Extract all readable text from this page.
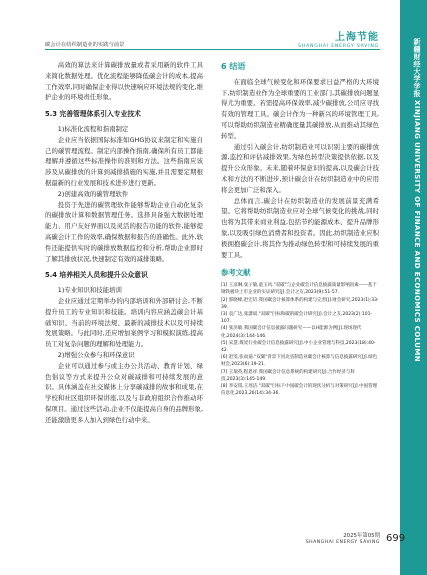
碳会计在纺织制造业的实践与前景
上海节能
SHANGHAI ENERGY SAVING	新疆财经大学学报 XINJIANG UNIVERSITY OF FINANCE AND ECONOMICS COLUMN

高效的算法来计算碳排放量或者采用新的软件工具来简化数据处理。优化流程能够降低碳会计的成本,提高工作效率,同时确保企业得以快速响应环境法规的变化,维护企业的环境责任形象。

5.3 完善管理体系引入专业技术

1)标准化流程和指南制定

企业应当依据国际标准如GHG协议来制定和实施自己的碳管理流程。制定内部操作指南,确保所有员工都能理解并遵循这些标准操作的准则和方法。这些指南应该涉及从碳排放的计算到减排措施的实施,并且需要定期根据最新的行业发展和技术进步进行更新。

2)创建高效的碳管理软件

投资于先进的碳管理软件能够帮助企业自动化复杂的碳排放计算和数据管理任务。选择具备强大数据处理能力、用户友好界面以及灵活的报告功能的软件,能够提高碳会计工作的效率,确保数据和报告的准确性。此外,软件还能提供实时的碳排放数据监控和分析,帮助企业即时了解其排放状况,快速制定有效的减排策略。

5.4 培养相关人员和提升公众意识

1)专业知识和技能培训

企业应通过定期举办的内部培训和外部研讨会,不断提升员工的专业知识和技能。培训内容应涵盖碳会计基础知识、当前的环境法规、最新的减排技术以及可持续发展策略。与此同时,还应增加案例学习和模拟演练,提高员工对复杂问题的理解和处理能力。

2)增强公众参与和环保意识

企业可以通过参与或主办公共活动、教育计划、绿色倡议等方式来提升公众对碳减排和可持续发展的意识。具体涵盖在社交媒体上分享碳减排的故事和成果,在学校和社区组织环保讲座,以及与非政府组织合作推动环保项目。通过这些活动,企业不仅能提高自身的品牌形象,还能激励更多人加入到绿色行动中来。

6 结语

在面临全球气候变化和环保要求日益严格的大环境下,纺织制造业作为全球重要的工业部门,其碳排放问题显得尤为重要。若需提高环保效率,减少碳排放,公司应寻找有效的管理工具。碳会计作为一种新兴的环境管理工具,可以帮助纺织制造业精确度量其碳排放,从而推动其绿色转型。

通过引入碳会计,纺织制造业可以识别主要的碳排放源,监控和评估减排效果,为绿色转型决策提供依据,以及提升公众形象。未来,随着环保意识的提高,以及碳会计技术和方法的不断进步,预计碳会计在纺织制造业中的应用将会更加广泛和深入。

总体而言,碳会计在纺织制造业的发展前景充满希望。它将帮助纺织制造业应对全球气候变化的挑战,同时也将为其带来商业利益,包括节约能源成本、提升品牌形象,以及吸引绿色消费者和投资者。因此,纺织制造业应积极拥抱碳会计,将其作为推动绿色转型和可持续发展的重要工具。

参考文献
[1] 王彦琳,张子敏,童玉风."双碳"与企业碳会计信息披露质量影响因素——基于钢铁板块上市企业的实证研究[J].会计之友,2023(9):51-57.
[2] 郭晓峰,赵宏培.我国碳会计核算体系的构建与完善[J].财会研究,2023(1):33-39.
[3] 袁广达,张潇斌."双碳"目标和碳的碳会计研究[J].会计之友,2023(2):101-107.
[4] 张泽敏.我国碳会计信息披露问题研究——以H能源为例[J].现场现代化,2024(3):144-146.
[5] 宋慧.煤炭行业碳会计信息披露研究[J].中小企业管理与科技,2023(18):40-42.
[6] 赵雯,张雨迪."双碳"背景下河北省制造业碳会计核算与信息披露研究[J].绿色财会,2023(6):19-21.
[7] 王瑞英,程恩祥.我国碳会计信息系统的构建研究[J].合作经济与科技,2023(3):145-149.
[8] 李安琪,王瑶洁."双碳"目标下中国碳会计的现状分析与对策研究[J].中国管理信息化,2023,26(14):34-36.
2025年第05期
SHANGHAI ENERGY SAVING 699
